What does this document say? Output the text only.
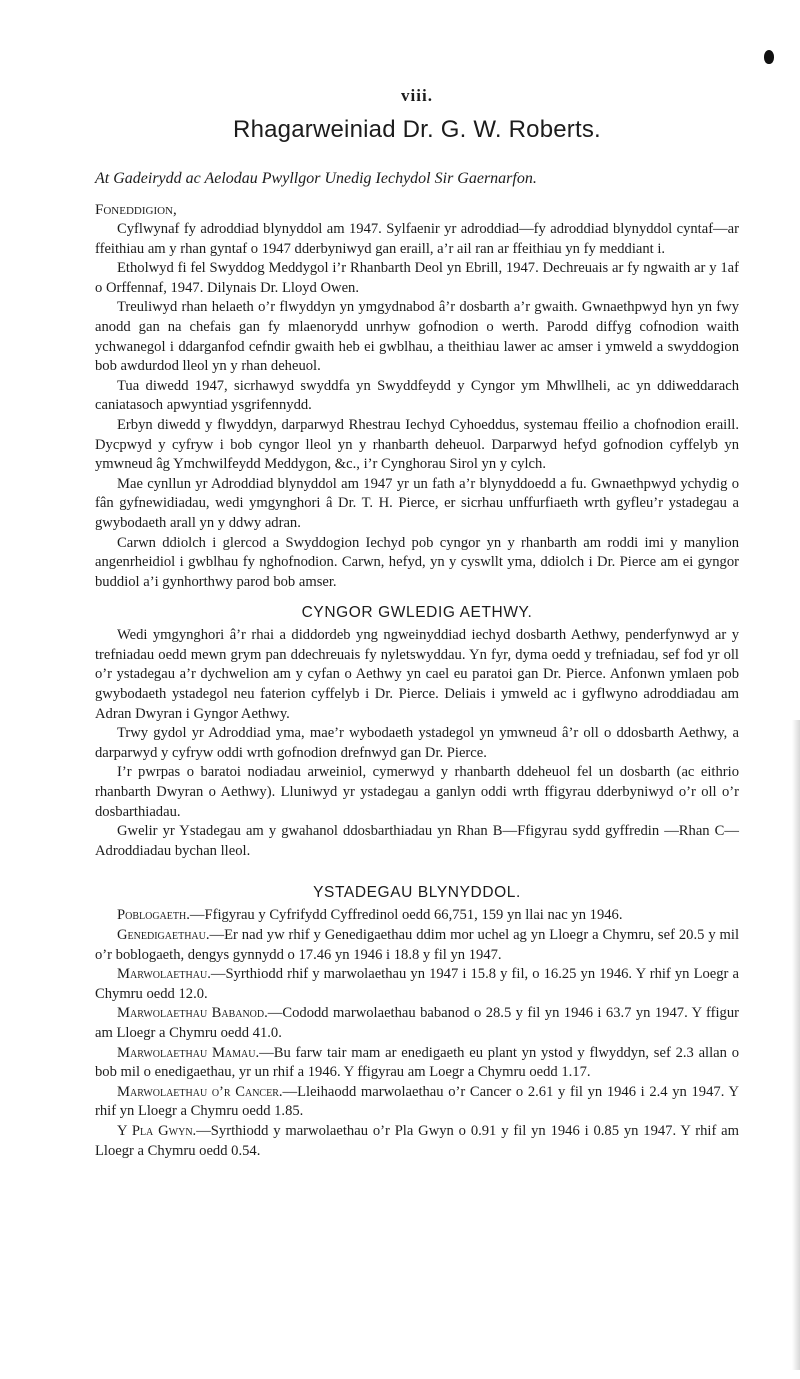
viii.
Rhagarweiniad Dr. G. W. Roberts.
At Gadeirydd ac Aelodau Pwyllgor Unedig Iechydol Sir Gaernarfon.
Foneddigion,

Cyflwynaf fy adroddiad blynyddol am 1947. Sylfaenir yr adroddiad—fy adroddiad blynyddol cyntaf—ar ffeithiau am y rhan gyntaf o 1947 dderbyniwyd gan eraill, a’r ail ran ar ffeithiau yn fy meddiant i.

Etholwyd fi fel Swyddog Meddygol i’r Rhanbarth Deol yn Ebrill, 1947. Dechreuais ar fy ngwaith ar y 1af o Orffennaf, 1947. Dilynais Dr. Lloyd Owen.

Treuliwyd rhan helaeth o’r flwyddyn yn ymgydnabod â’r dosbarth a’r gwaith. Gwnaethpwyd hyn yn fwy anodd gan na chefais gan fy mlaenorydd unrhyw gofnodion o werth. Parodd diffyg cofnodion waith ychwanegol i ddarganfod cefndir gwaith heb ei gwblhau, a theithiau lawer ac amser i ymweld a swyddogion bob awdurdod lleol yn y rhan deheuol.

Tua diwedd 1947, sicrhawyd swyddfa yn Swyddfeydd y Cyngor ym Mhwllheli, ac yn ddiweddarach caniatasoch apwyntiad ysgrifennydd.

Erbyn diwedd y flwyddyn, darparwyd Rhestrau Iechyd Cyhoeddus, systemau ffeilio a chofnodion eraill. Dycpwyd y cyfryw i bob cyngor lleol yn y rhanbarth deheuol. Darparwyd hefyd gofnodion cyffelyb yn ymwneud âg Ymchwilfeydd Meddygon, &c., i’r Cynghorau Sirol yn y cylch.

Mae cynllun yr Adroddiad blynyddol am 1947 yr un fath a’r blynyddoedd a fu. Gwnaethpwyd ychydig o fân gyfnewidiadau, wedi ymgynghori â Dr. T. H. Pierce, er sicrhau unffurfiaeth wrth gyfleu’r ystadegau a gwybodaeth arall yn y ddwy adran.

Carwn ddiolch i glercod a Swyddogion Iechyd pob cyngor yn y rhanbarth am roddi imi y manylion angenrheidiol i gwblhau fy nghofnodion. Carwn, hefyd, yn y cyswllt yma, ddiolch i Dr. Pierce am ei gyngor buddiol a’i gynhorthwy parod bob amser.

CYNGOR GWLEDIG AETHWY.

Wedi ymgynghori â’r rhai a diddordeb yng ngweinyddiad iechyd dosbarth Aethwy, penderfynwyd ar y trefniadau oedd mewn grym pan ddechreuais fy nyletswyddau. Yn fyr, dyma oedd y trefniadau, sef fod yr oll o’r ystadegau a’r dychwelion am y cyfan o Aethwy yn cael eu paratoi gan Dr. Pierce. Anfonwn ymlaen pob gwybodaeth ystadegol neu faterion cyffelyb i Dr. Pierce. Deliais i ymweld ac i gyflwyno adroddiadau am Adran Dwyran i Gyngor Aethwy.

Trwy gydol yr Adroddiad yma, mae’r wybodaeth ystadegol yn ymwneud â’r oll o ddosbarth Aethwy, a darparwyd y cyfryw oddi wrth gofnodion drefnwyd gan Dr. Pierce.

I’r pwrpas o baratoi nodiadau arweiniol, cymerwyd y rhanbarth ddeheuol fel un dosbarth (ac eithrio rhanbarth Dwyran o Aethwy). Lluniwyd yr ystadegau a ganlyn oddi wrth ffigyrau dderbyniwyd o’r oll o’r dosbarthiadau.

Gwelir yr Ystadegau am y gwahanol ddosbarthiadau yn Rhan B—Ffigyrau sydd gyffredin —Rhan C—Adroddiadau bychan lleol.

YSTADEGAU BLYNYDDOL.

Poblogaeth.—Ffigyrau y Cyfrifydd Cyffredinol oedd 66,751, 159 yn llai nac yn 1946.

Genedigaethau.—Er nad yw rhif y Genedigaethau ddim mor uchel ag yn Lloegr a Chymru, sef 20.5 y mil o’r boblogaeth, dengys gynnydd o 17.46 yn 1946 i 18.8 y fil yn 1947.

Marwolaethau.—Syrthiodd rhif y marwolaethau yn 1947 i 15.8 y fil, o 16.25 yn 1946. Y rhif yn Loegr a Chymru oedd 12.0.

Marwolaethau Babanod.—Cododd marwolaethau babanod o 28.5 y fil yn 1946 i 63.7 yn 1947. Y ffigur am Lloegr a Chymru oedd 41.0.

Marwolaethau Mamau.—Bu farw tair mam ar enedigaeth eu plant yn ystod y flwyddyn, sef 2.3 allan o bob mil o enedigaethau, yr un rhif a 1946. Y ffigyrau am Loegr a Chymru oedd 1.17.

Marwolaethau o’r Cancer.—Lleihaodd marwolaethau o’r Cancer o 2.61 y fil yn 1946 i 2.4 yn 1947. Y rhif yn Lloegr a Chymru oedd 1.85.

Y Pla Gwyn.—Syrthiodd y marwolaethau o’r Pla Gwyn o 0.91 y fil yn 1946 i 0.85 yn 1947. Y rhif am Lloegr a Chymru oedd 0.54.
